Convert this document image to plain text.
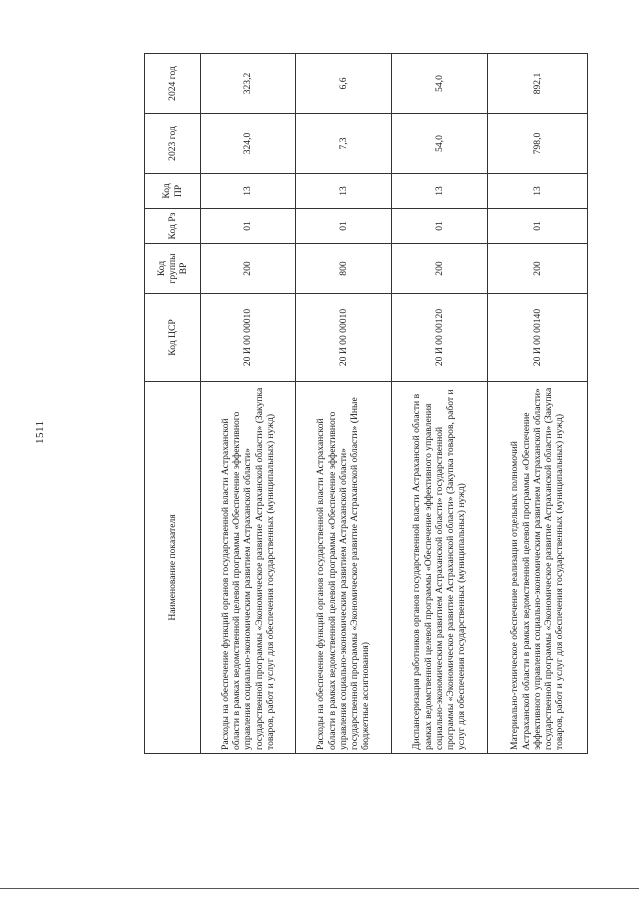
1511
Наименование показателя	Код ЦСР	Код группы ВР	Код Рз	Код ПР	2023 год	2024 год
Расходы на обеспечение функций органов государственной власти Астраханской области в рамках ведомственной целевой программы «Обеспечение эффективного управления социально-экономическим развитием Астраханской области» государственной программы «Экономическое развитие Астраханской области» (Закупка товаров, работ и услуг для обеспечения государственных (муниципальных) нужд)	20 И 00 00010	200	01	13	324,0	323,2
Расходы на обеспечение функций органов государственной власти Астраханской области в рамках ведомственной целевой программы «Обеспечение эффективного управления социально-экономическим развитием Астраханской области» государственной программы «Экономическое развитие Астраханской области» (Иные бюджетные ассигнования)	20 И 00 00010	800	01	13	7,3	6,6
Диспансеризация работников органов государственной власти Астраханской области в рамках ведомственной целевой программы «Обеспечение эффективного управления социально-экономическим развитием Астраханской области» государственной программы «Экономическое развитие Астраханской области» (Закупка товаров, работ и услуг для обеспечения государственных (муниципальных) нужд)	20 И 00 00120	200	01	13	54,0	54,0
Материально-техническое обеспечение реализации отдельных полномочий Астраханской области в рамках ведомственной целевой программы «Обеспечение эффективного управления социально-экономическим развитием Астраханской области» государственной программы «Экономическое развитие Астраханской области» (Закупка товаров, работ и услуг для обеспечения государственных (муниципальных) нужд)	20 И 00 00140	200	01	13	798,0	892,1
